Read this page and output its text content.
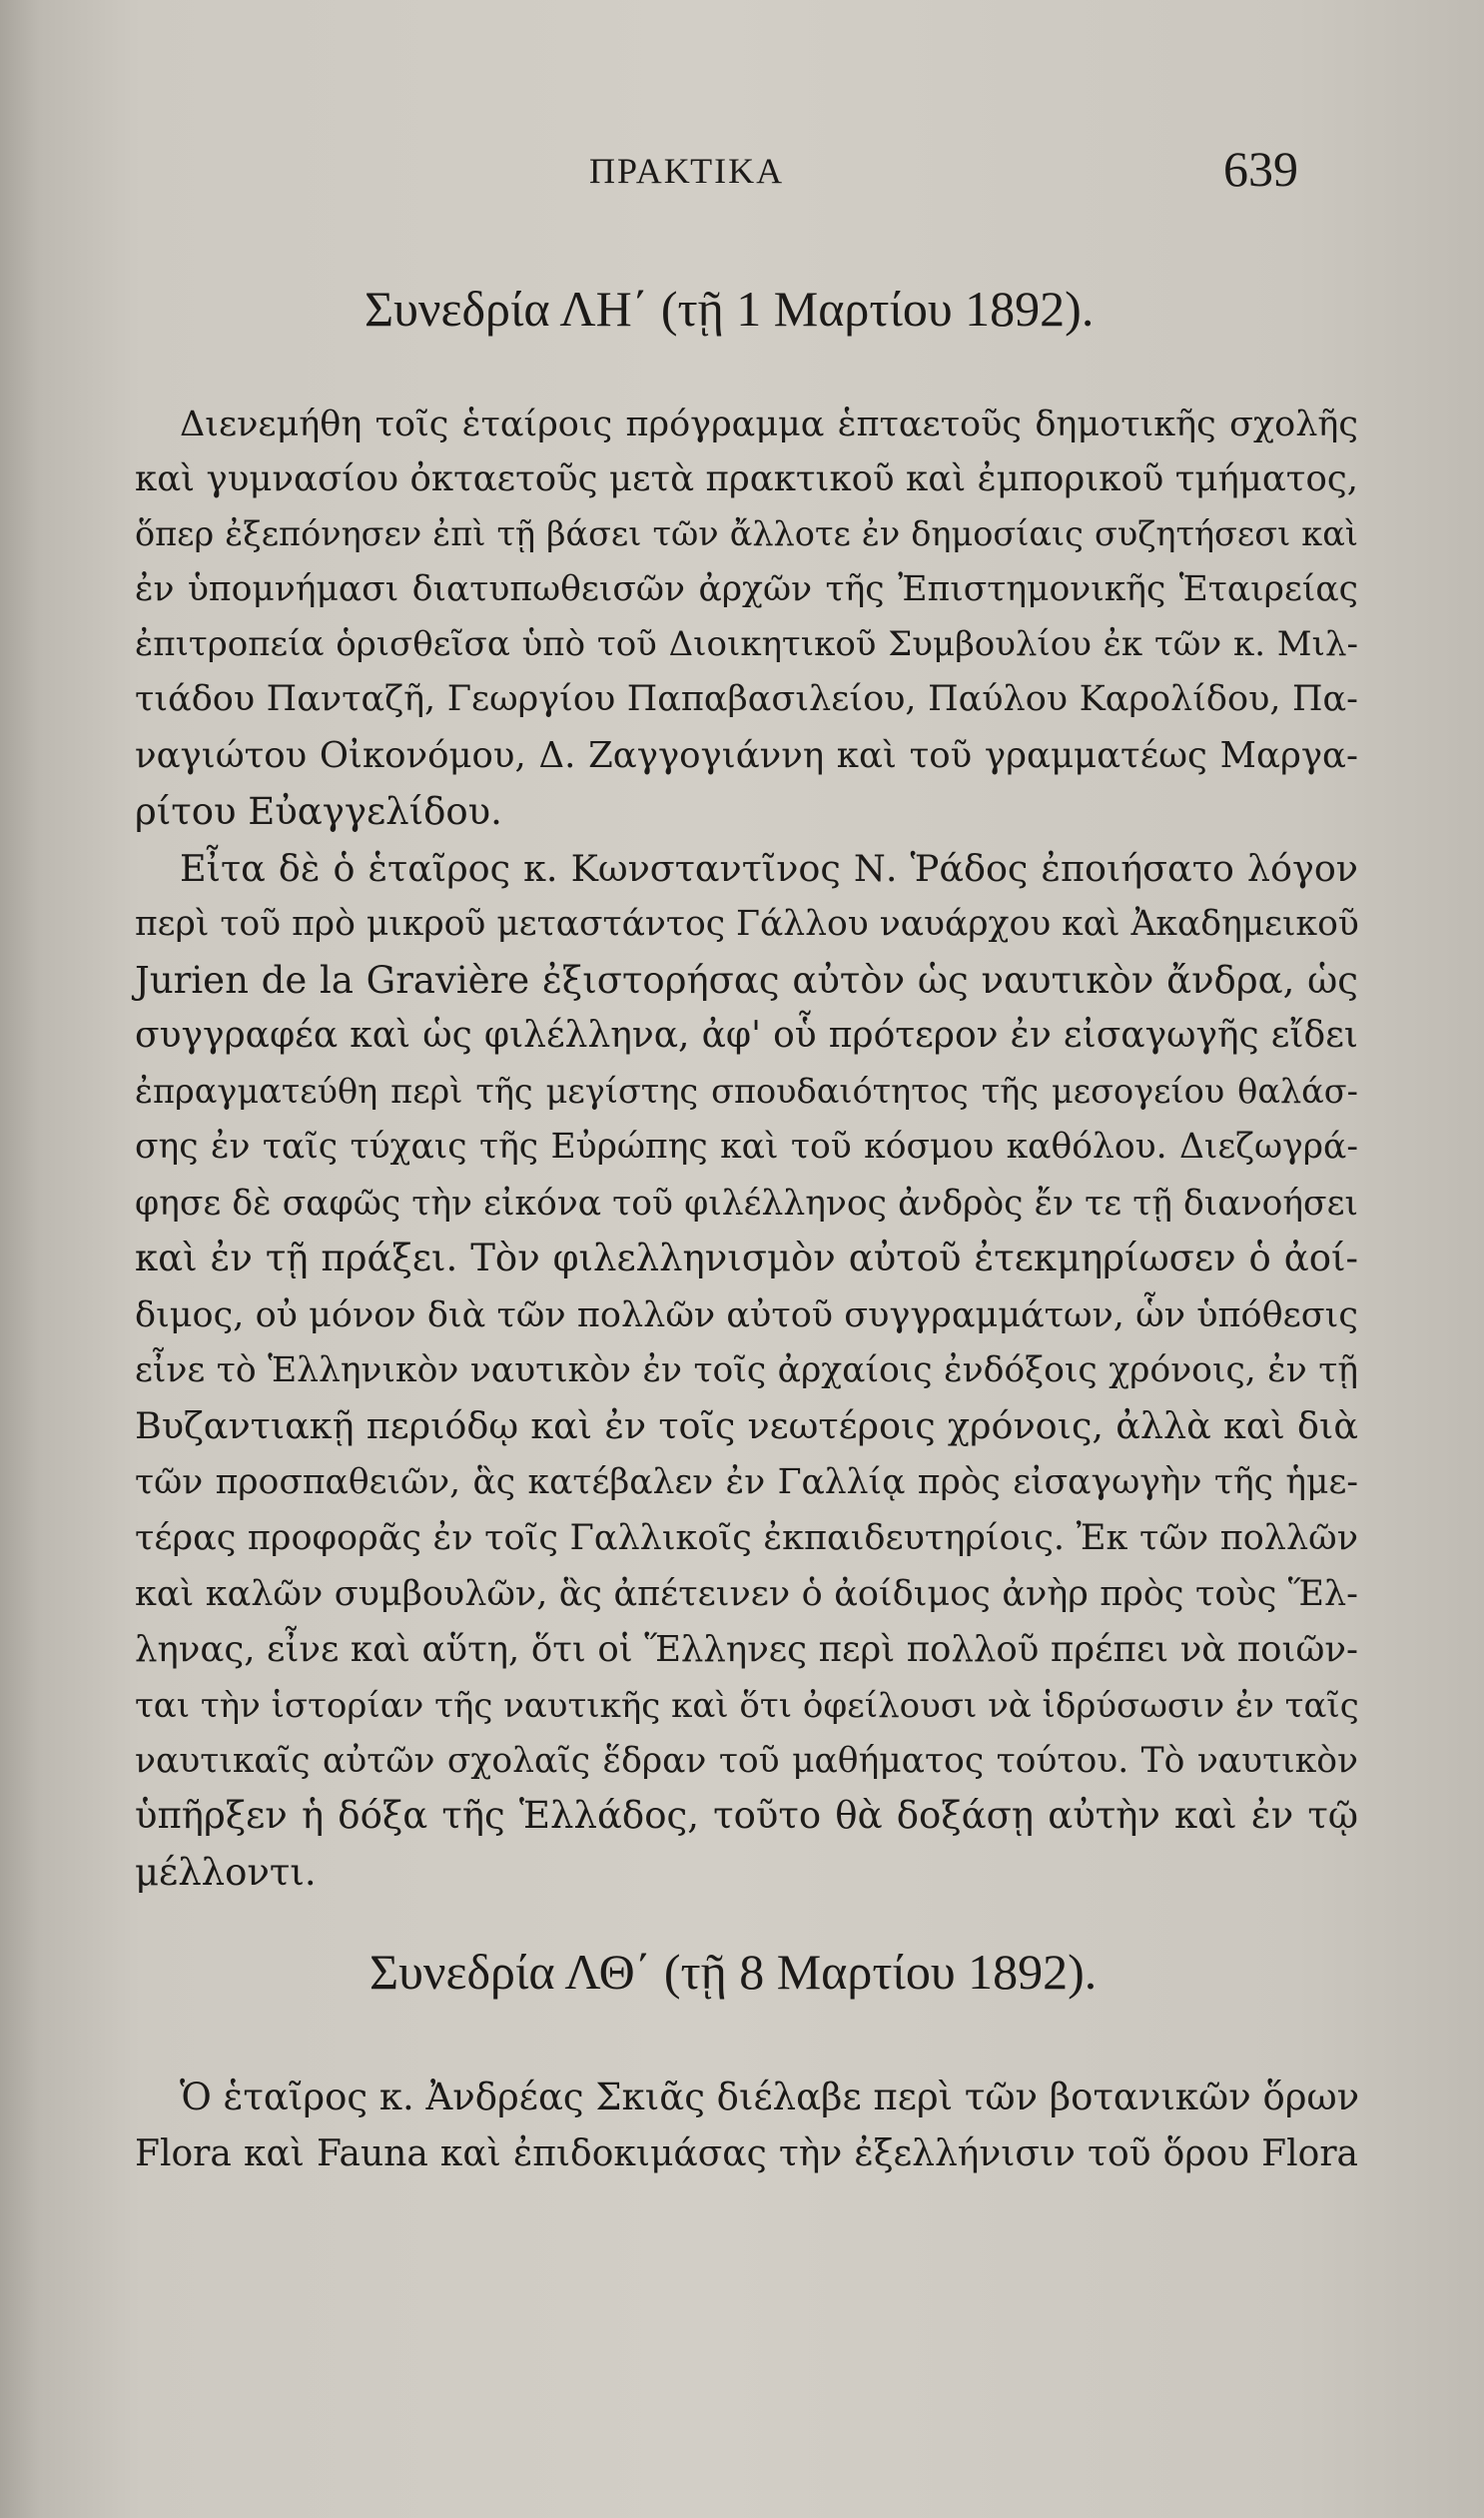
ΠΡΑΚΤΙΚΑ	639
Συνεδρία ΛΗ΄ (τῇ 1 Μαρτίου 1892).
Διενεμήθη τοῖς ἑταίροις πρόγραμμα ἑπταετοῦς δημοτικῆς σχολῆς
καὶ γυμνασίου ὀκταετοῦς μετὰ πρακτικοῦ καὶ ἐμπορικοῦ τμήματος,
ὅπερ ἐξεπόνησεν ἐπὶ τῇ βάσει τῶν ἄλλοτε ἐν δημοσίαις συζητήσεσι καὶ
ἐν ὑπομνήμασι διατυπωθεισῶν ἀρχῶν τῆς Ἐπιστημονικῆς Ἑταιρείας
ἐπιτροπεία ὁρισθεῖσα ὑπὸ τοῦ Διοικητικοῦ Συμβουλίου ἐκ τῶν κ. Μιλ-
τιάδου Πανταζῆ, Γεωργίου Παπαβασιλείου, Παύλου Καρολίδου, Πα-
ναγιώτου Οἰκονόμου, Δ. Ζαγγογιάννη καὶ τοῦ γραμματέως Μαργα-
ρίτου Εὐαγγελίδου.
Εἶτα δὲ ὁ ἑταῖρος κ. Κωνσταντῖνος Ν. Ῥάδος ἐποιήσατο λόγον
περὶ τοῦ πρὸ μικροῦ μεταστάντος Γάλλου ναυάρχου καὶ Ἀκαδημεικοῦ
Jurien de la Gravière ἐξιστορήσας αὐτὸν ὡς ναυτικὸν ἄνδρα, ὡς
συγγραφέα καὶ ὡς φιλέλληνα, ἀφ' οὗ πρότερον ἐν εἰσαγωγῆς εἴδει
ἐπραγματεύθη περὶ τῆς μεγίστης σπουδαιότητος τῆς μεσογείου θαλάσ-
σης ἐν ταῖς τύχαις τῆς Εὐρώπης καὶ τοῦ κόσμου καθόλου. Διεζωγρά-
φησε δὲ σαφῶς τὴν εἰκόνα τοῦ φιλέλληνος ἀνδρὸς ἔν τε τῇ διανοήσει
καὶ ἐν τῇ πράξει. Τὸν φιλελληνισμὸν αὐτοῦ ἐτεκμηρίωσεν ὁ ἀοί-
διμος, οὐ μόνον διὰ τῶν πολλῶν αὐτοῦ συγγραμμάτων, ὧν ὑπόθεσις
εἶνε τὸ Ἑλληνικὸν ναυτικὸν ἐν τοῖς ἀρχαίοις ἐνδόξοις χρόνοις, ἐν τῇ
Βυζαντιακῇ περιόδῳ καὶ ἐν τοῖς νεωτέροις χρόνοις, ἀλλὰ καὶ διὰ
τῶν προσπαθειῶν, ἃς κατέβαλεν ἐν Γαλλίᾳ πρὸς εἰσαγωγὴν τῆς ἡμε-
τέρας προφορᾶς ἐν τοῖς Γαλλικοῖς ἐκπαιδευτηρίοις. Ἐκ τῶν πολλῶν
καὶ καλῶν συμβουλῶν, ἃς ἀπέτεινεν ὁ ἀοίδιμος ἀνὴρ πρὸς τοὺς Ἕλ-
ληνας, εἶνε καὶ αὕτη, ὅτι οἱ Ἕλληνες περὶ πολλοῦ πρέπει νὰ ποιῶν-
ται τὴν ἱστορίαν τῆς ναυτικῆς καὶ ὅτι ὀφείλουσι νὰ ἱδρύσωσιν ἐν ταῖς
ναυτικαῖς αὐτῶν σχολαῖς ἕδραν τοῦ μαθήματος τούτου. Τὸ ναυτικὸν
ὑπῆρξεν ἡ δόξα τῆς Ἑλλάδος, τοῦτο θὰ δοξάσῃ αὐτὴν καὶ ἐν τῷ
μέλλοντι.
Συνεδρία ΛΘ΄ (τῇ 8 Μαρτίου 1892).
Ὁ ἑταῖρος κ. Ἀνδρέας Σκιᾶς διέλαβε περὶ τῶν βοτανικῶν ὅρων
Flora καὶ Fauna καὶ ἐπιδοκιμάσας τὴν ἐξελλήνισιν τοῦ ὅρου Flora
